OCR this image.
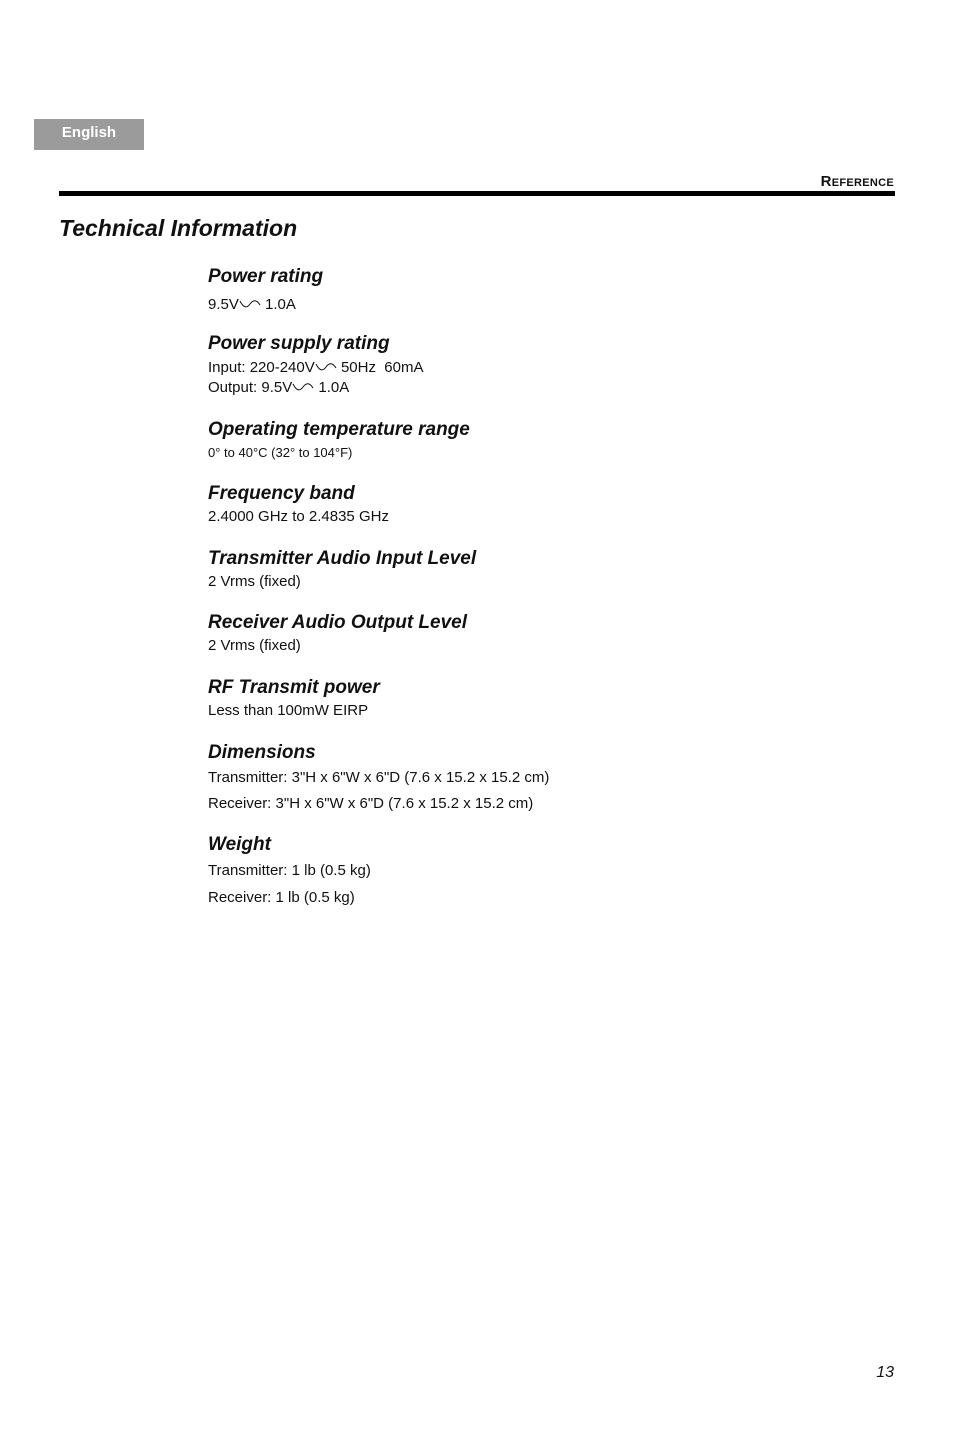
English
Reference
Technical Information

Power rating

9.5V 1.0A

Power supply rating

Input: 220-240V 50Hz  60mA

Output: 9.5V 1.0A

Operating temperature range

0° to 40°C (32° to 104°F)

Frequency band

2.4000 GHz to 2.4835 GHz

Transmitter Audio Input Level

2 Vrms (fixed)

Receiver Audio Output Level

2 Vrms (fixed)

RF Transmit power

Less than 100mW EIRP

Dimensions

Transmitter: 3"H x 6"W x 6"D (7.6 x 15.2 x 15.2 cm)

Receiver: 3"H x 6"W x 6"D (7.6 x 15.2 x 15.2 cm)

Weight

Transmitter: 1 lb (0.5 kg)

Receiver: 1 lb (0.5 kg)

13
